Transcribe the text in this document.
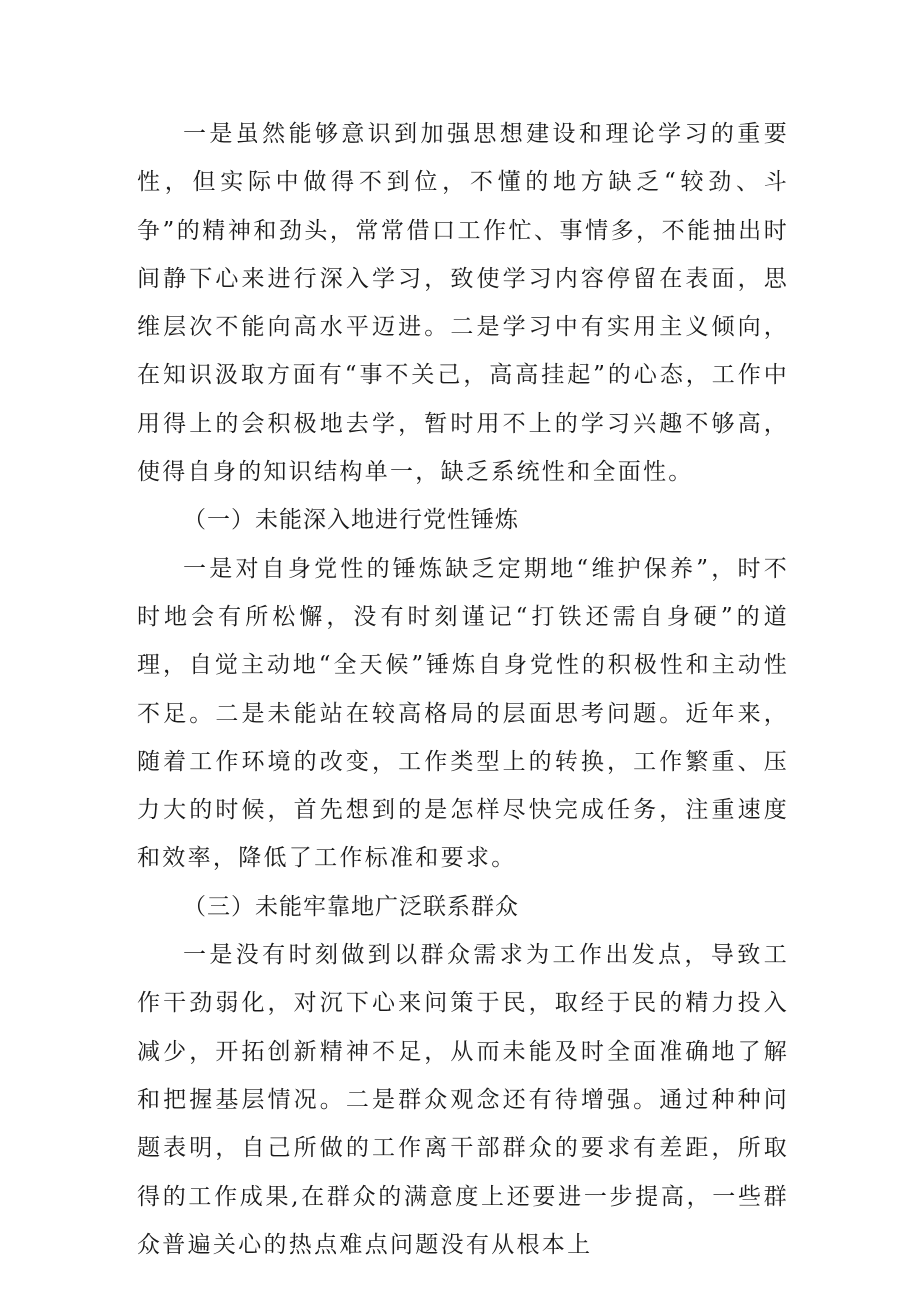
一是虽然能够意识到加强思想建设和理论学习的重要性，但实际中做得不到位，不懂的地方缺乏“较劲、斗争”的精神和劲头，常常借口工作忙、事情多，不能抽出时间静下心来进行深入学习，致使学习内容停留在表面，思维层次不能向高水平迈进。二是学习中有实用主义倾向，在知识汲取方面有“事不关己，高高挂起”的心态，工作中用得上的会积极地去学，暂时用不上的学习兴趣不够高，使得自身的知识结构单一，缺乏系统性和全面性。

（一）未能深入地进行党性锤炼

一是对自身党性的锤炼缺乏定期地“维护保养”，时不时地会有所松懈，没有时刻谨记“打铁还需自身硬”的道理，自觉主动地“全天候”锤炼自身党性的积极性和主动性不足。二是未能站在较高格局的层面思考问题。近年来，随着工作环境的改变，工作类型上的转换，工作繁重、压力大的时候，首先想到的是怎样尽快完成任务，注重速度和效率，降低了工作标准和要求。

（三）未能牢靠地广泛联系群众

一是没有时刻做到以群众需求为工作出发点，导致工作干劲弱化，对沉下心来问策于民，取经于民的精力投入减少，开拓创新精神不足，从而未能及时全面准确地了解和把握基层情况。二是群众观念还有待增强。通过种种问题表明，自己所做的工作离干部群众的要求有差距，所取得的工作成果,在群众的满意度上还要进一步提高，一些群众普遍关心的热点难点问题没有从根本上
